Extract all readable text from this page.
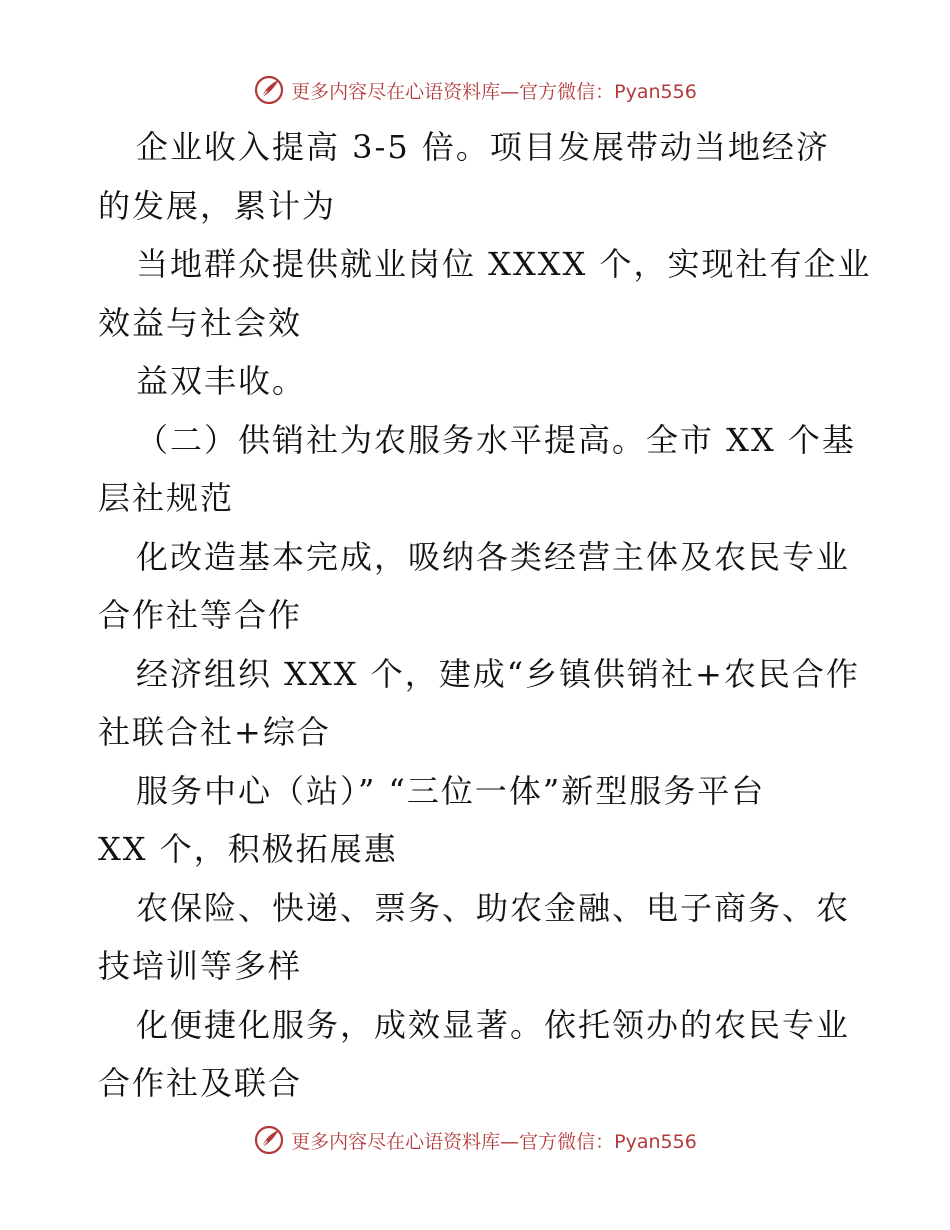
更多内容尽在心语资料库—官方微信：Pyan556
企业收入提高 3-5 倍。项目发展带动当地经济
的发展，累计为
当地群众提供就业岗位 XXXX 个，实现社有企业
效益与社会效
益双丰收。
（二）供销社为农服务水平提高。全市 XX 个基
层社规范
化改造基本完成，吸纳各类经营主体及农民专业
合作社等合作
经济组织 XXX 个，建成“乡镇供销社+农民合作
社联合社+综合
服务中心（站）” “三位一体”新型服务平台
XX 个，积极拓展惠
农保险、快递、票务、助农金融、电子商务、农
技培训等多样
化便捷化服务，成效显著。依托领办的农民专业
合作社及联合
更多内容尽在心语资料库—官方微信：Pyan556
